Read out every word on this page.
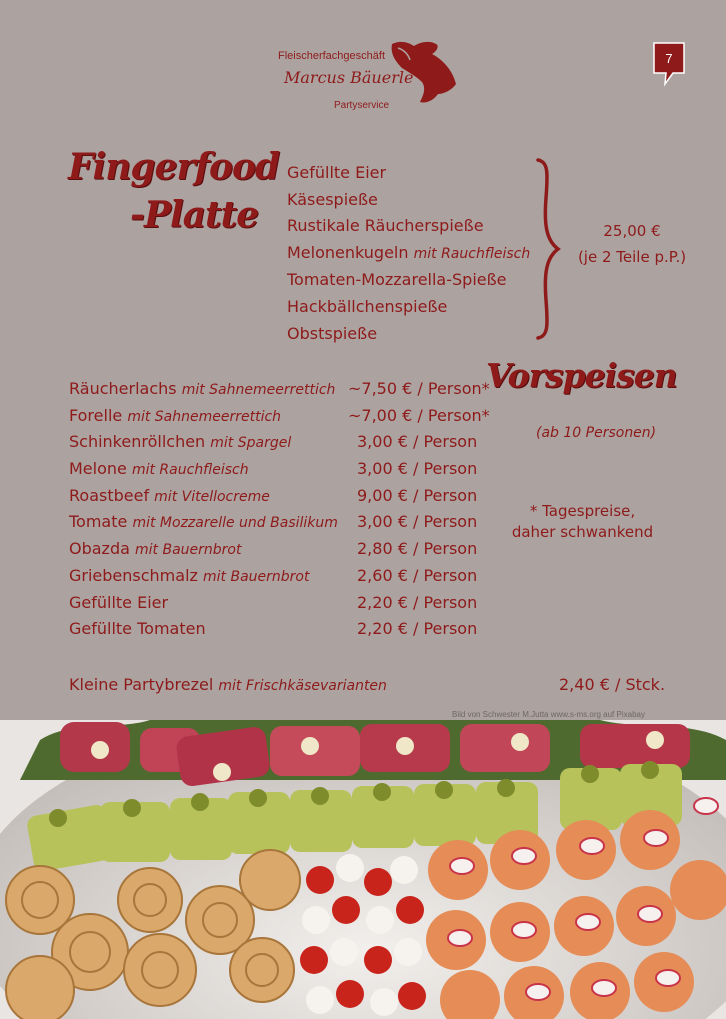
Fleischerfachgeschäft
Marcus Bäuerle
Partyservice
7
Fingerfood
-Platte
Gefüllte Eier
Käsespieße
Rustikale Räucherspieße
Melonenkugeln mit Rauchfleisch
Tomaten-Mozzarella-Spieße
Hackbällchenspieße
Obstspieße
25,00 €
(je 2 Teile p.P.)
Vorspeisen
(ab 10 Personen)
* Tagespreise,
daher schwankend
Räucherlachs mit Sahnemeerrettich ~7,50 € / Person*
Forelle mit Sahnemeerrettich	~7,00 € / Person*
Schinkenröllchen mit Spargel	3,00 € / Person
Melone mit Rauchfleisch	3,00 € / Person
Roastbeef mit Vitellocreme	9,00 € / Person
Tomate mit Mozzarelle und Basilikum 3,00 € / Person
Obazda mit Bauernbrot	2,80 € / Person
Griebenschmalz mit Bauernbrot	2,60 € / Person
Gefüllte Eier	2,20 € / Person
Gefüllte Tomaten	2,20 € / Person
Kleine Partybrezel mit Frischkäsevarianten	2,40 € / Stck.
Bild von Schwester M.Jutta www.s-ms.org auf Pixabay
